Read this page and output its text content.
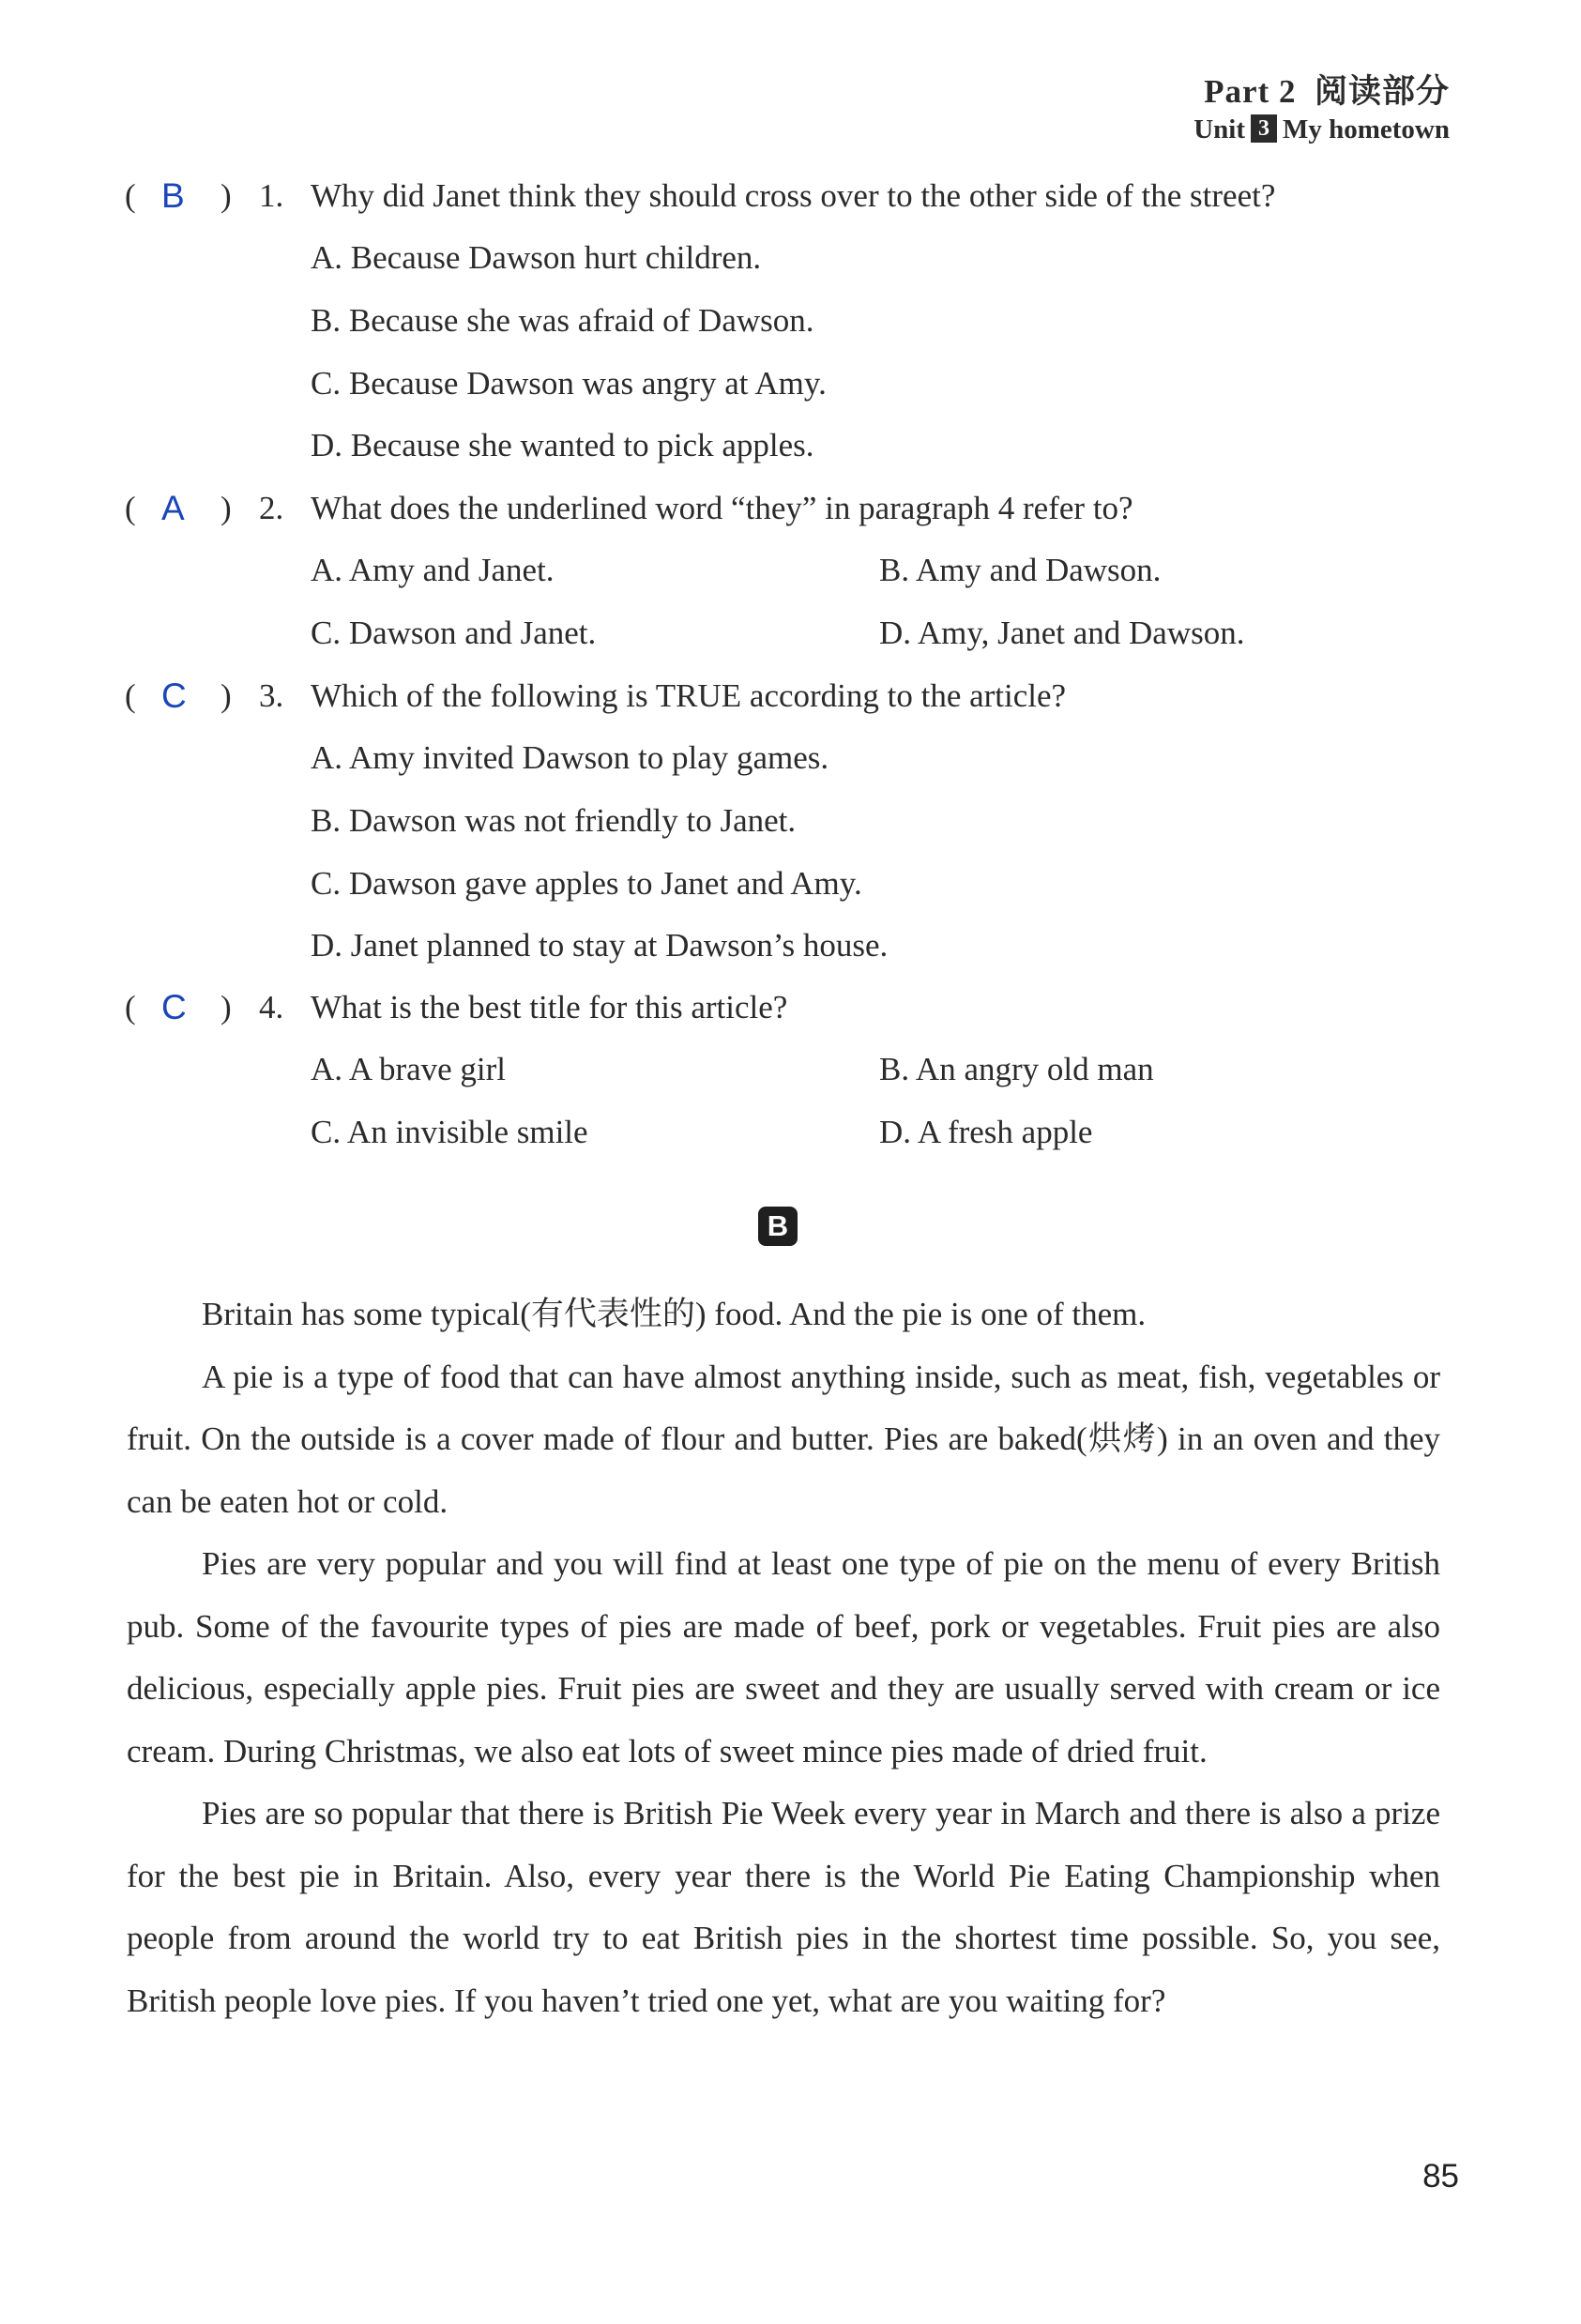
Part 2 阅读部分
Unit 3 My hometown
( B ) 1. Why did Janet think they should cross over to the other side of the street?
A. Because Dawson hurt children.
B. Because she was afraid of Dawson.
C. Because Dawson was angry at Amy.
D. Because she wanted to pick apples.
( A ) 2. What does the underlined word “they” in paragraph 4 refer to?
A. Amy and Janet.	B. Amy and Dawson.
C. Dawson and Janet.	D. Amy, Janet and Dawson.
( C ) 3. Which of the following is TRUE according to the article?
A. Amy invited Dawson to play games.
B. Dawson was not friendly to Janet.
C. Dawson gave apples to Janet and Amy.
D. Janet planned to stay at Dawson’s house.
( C ) 4. What is the best title for this article?
A. A brave girl	B. An angry old man
C. An invisible smile	D. A fresh apple
B

Britain has some typical(有代表性的) food. And the pie is one of them.

A pie is a type of food that can have almost anything inside, such as meat, fish, vegetables or fruit. On the outside is a cover made of flour and butter. Pies are baked(烘烤) in an oven and they can be eaten hot or cold.

Pies are very popular and you will find at least one type of pie on the menu of every British pub. Some of the favourite types of pies are made of beef, pork or vegetables. Fruit pies are also delicious, especially apple pies. Fruit pies are sweet and they are usually served with cream or ice cream. During Christmas, we also eat lots of sweet mince pies made of dried fruit.

Pies are so popular that there is British Pie Week every year in March and there is also a prize for the best pie in Britain. Also, every year there is the World Pie Eating Championship when people from around the world try to eat British pies in the shortest time possible. So, you see, British people love pies. If you haven’t tried one yet, what are you waiting for?

85
